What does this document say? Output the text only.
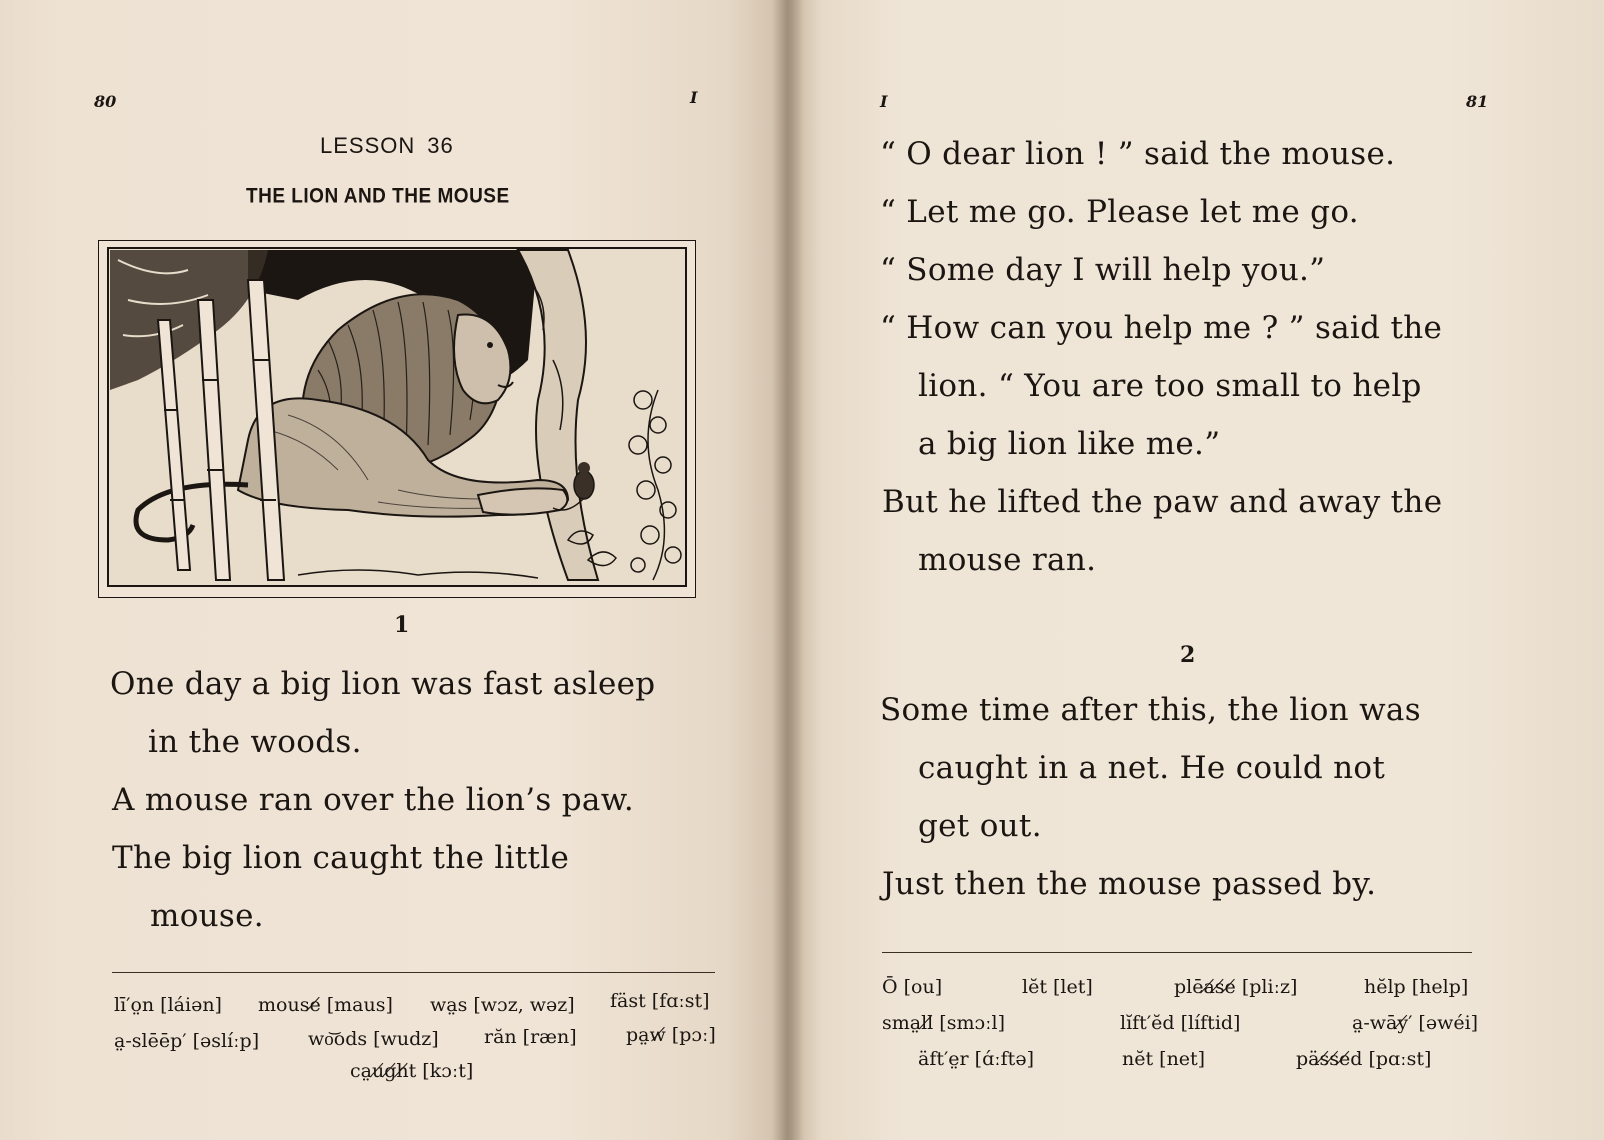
80	I
LESSON 36
THE LION AND THE MOUSE
1
One day a big lion was fast asleep
in the woods.
A mouse ran over the lion’s paw.
The big lion caught the little
mouse.
lī′o̤n [láiən] mouse̸ [maus] wa̤s [wɔz, wəz] fäst [fɑːst]
a̤-slēēp′ [əslíːp]	wo͝ods [wudz] răn [ræn]	pa̤w̸ [pɔː]
ca̤u̸g̸h̸t [kɔːt]
I	81
“ O dear lion ! ” said the mouse.
“ Let me go. Please let me go.
“ Some day I will help you.”
“ How can you help me ? ” said the
lion. “ You are too small to help
a big lion like me.”
But he lifted the paw and away the
mouse ran.
2
Some time after this, the lion was
caught in a net. He could not
get out.
Just then the mouse passed by.
Ō [ou]	lĕt [let]	plēa̸s̸e̸ [pliːz]	hĕlp [help]
sma̤ll̸ [smɔːl]	lĭft′ĕd [líftid]	a̤-wāy̸′ [əwéi]
äft′e̤r [ɑ́ːftə]	nĕt [net]	päs̸s̸e̸d [pɑːst]
